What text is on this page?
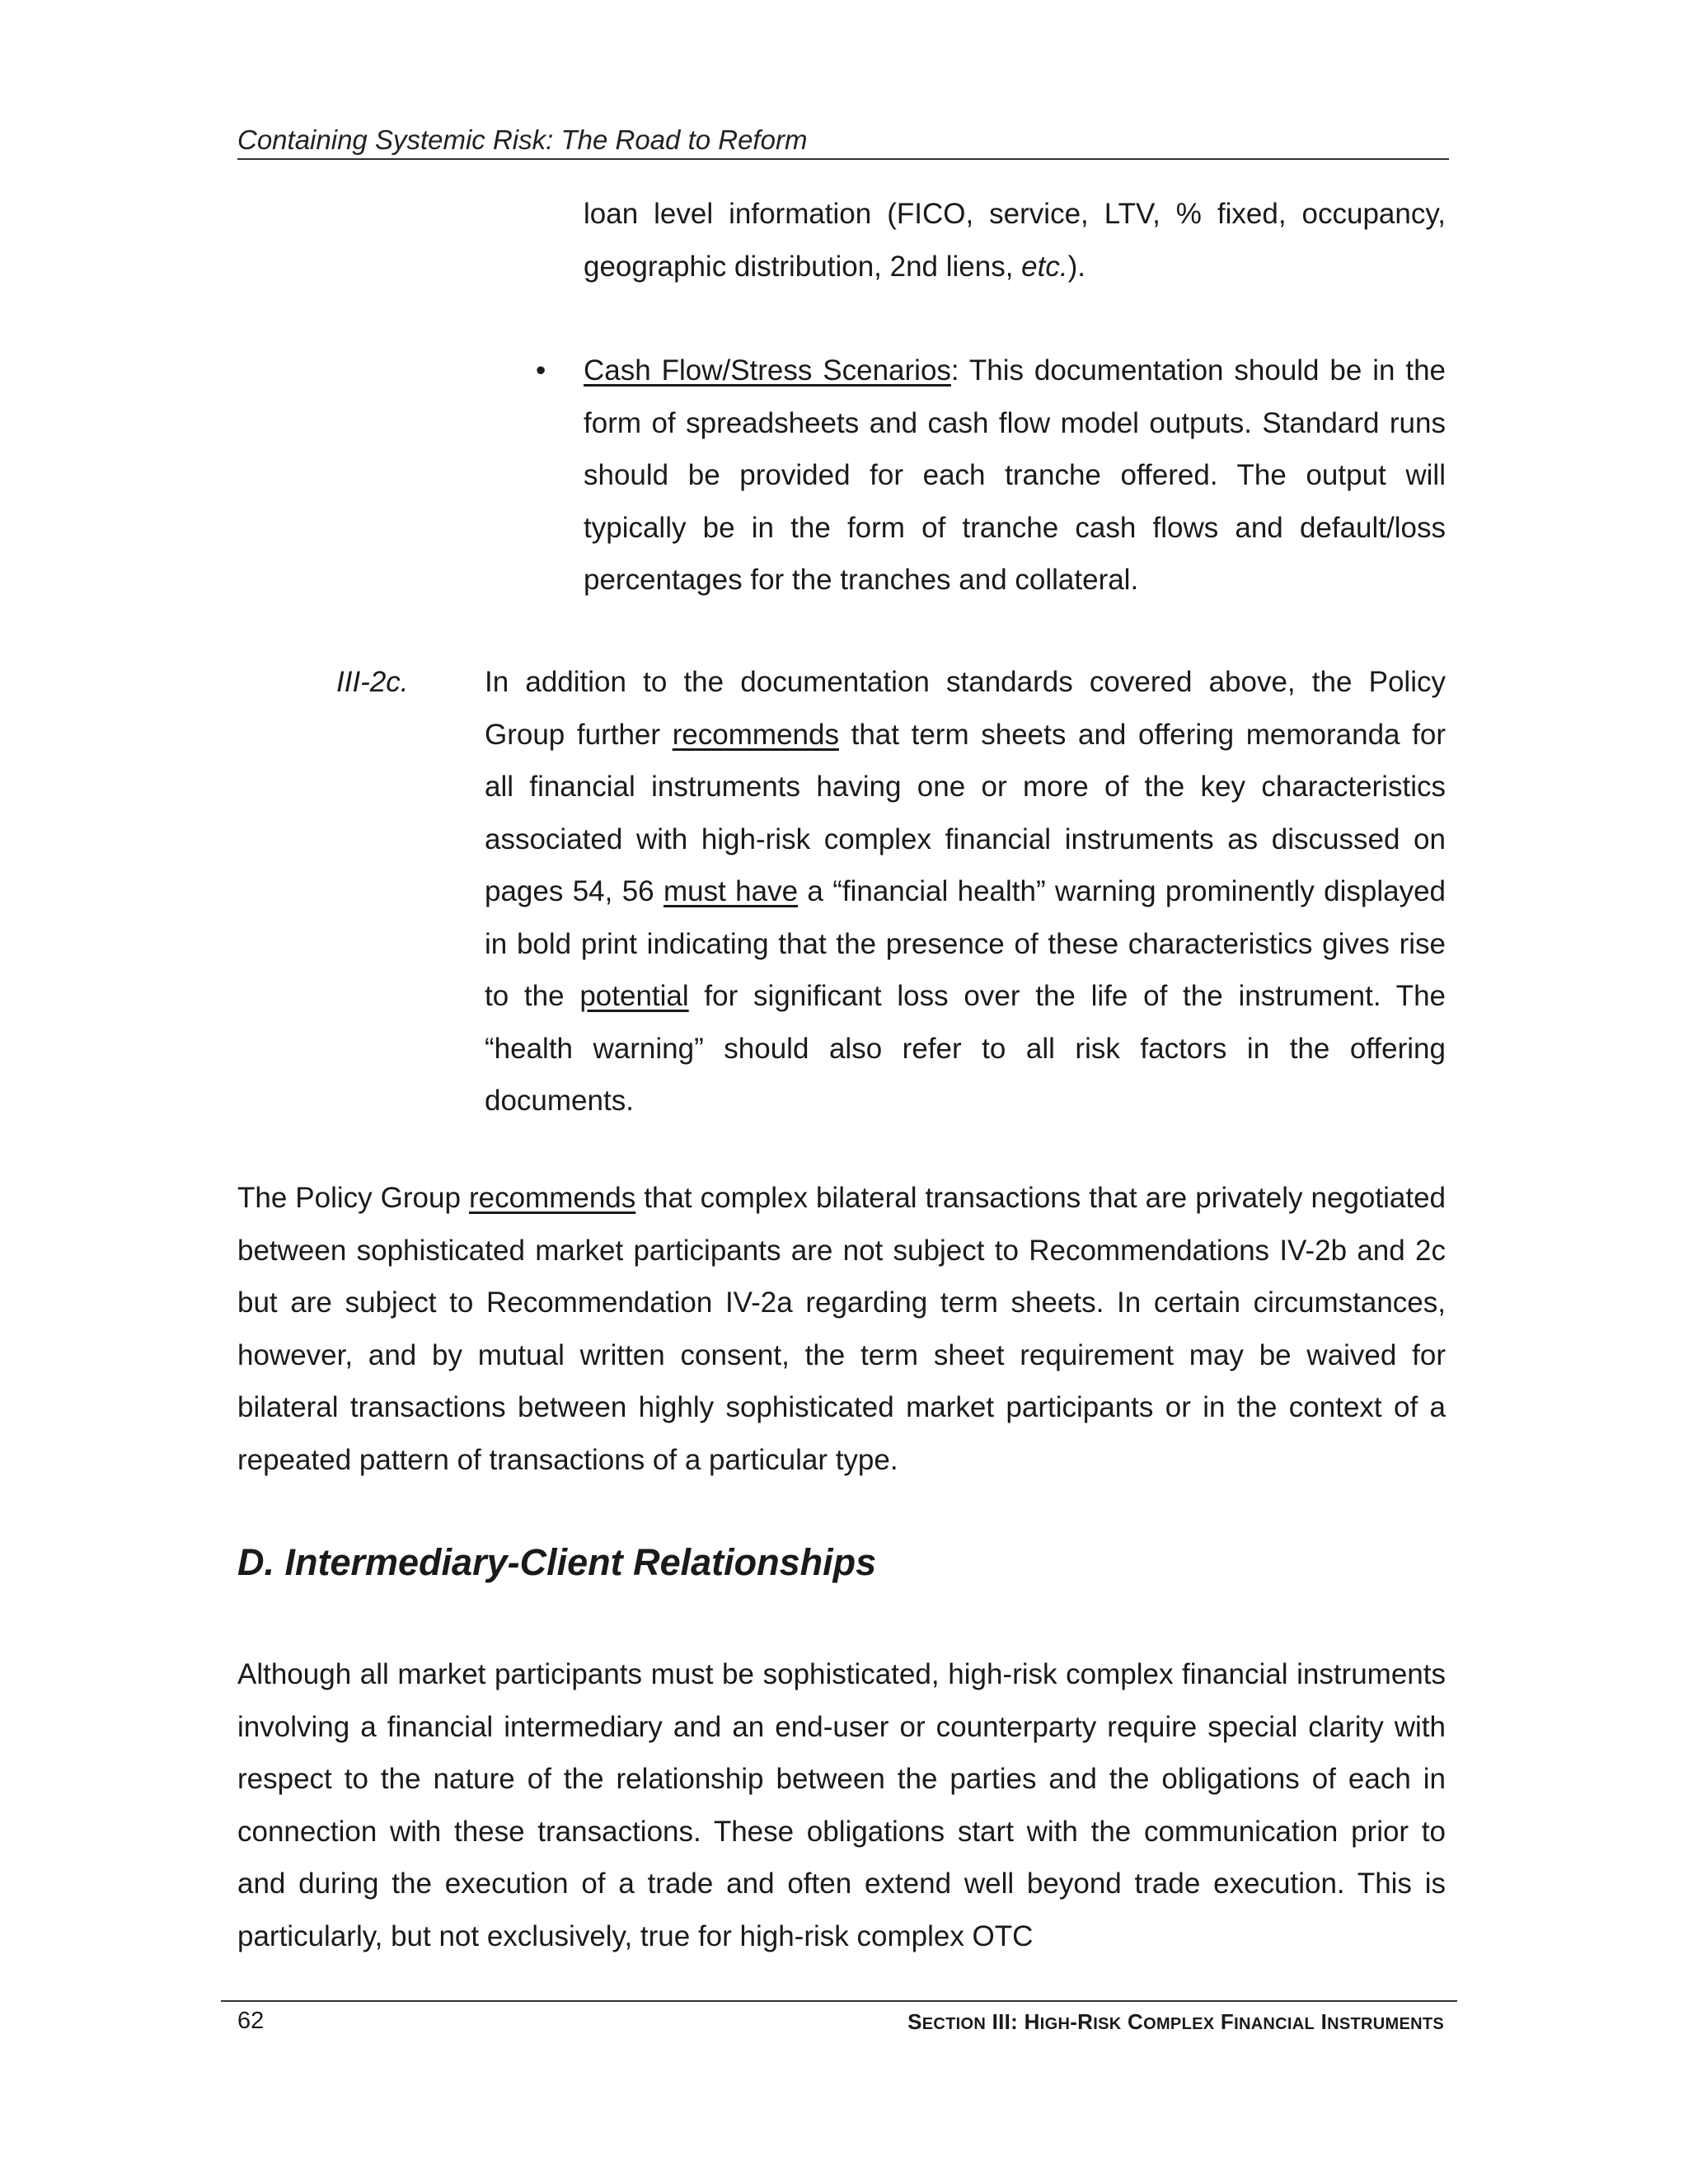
Containing Systemic Risk: The Road to Reform
loan level information (FICO, service, LTV, % fixed, occupancy, geographic distribution, 2nd liens, etc.).
• Cash Flow/Stress Scenarios: This documentation should be in the form of spreadsheets and cash flow model outputs. Standard runs should be provided for each tranche offered. The output will typically be in the form of tranche cash flows and default/loss percentages for the tranches and collateral.
III-2c.	In addition to the documentation standards covered above, the Policy Group further recommends that term sheets and offering memoranda for all financial instruments having one or more of the key characteristics associated with high-risk complex financial instruments as discussed on pages 54, 56 must have a “financial health” warning prominently displayed in bold print indicating that the presence of these characteristics gives rise to the potential for significant loss over the life of the instrument. The “health warning” should also refer to all risk factors in the offering documents.
The Policy Group recommends that complex bilateral transactions that are privately negotiated between sophisticated market participants are not subject to Recommendations IV-2b and 2c but are subject to Recommendation IV-2a regarding term sheets. In certain circumstances, however, and by mutual written consent, the term sheet requirement may be waived for bilateral transactions between highly sophisticated market participants or in the context of a repeated pattern of transactions of a particular type.
D. Intermediary-Client Relationships
Although all market participants must be sophisticated, high-risk complex financial instruments involving a financial intermediary and an end-user or counterparty require special clarity with respect to the nature of the relationship between the parties and the obligations of each in connection with these transactions. These obligations start with the communication prior to and during the execution of a trade and often extend well beyond trade execution. This is particularly, but not exclusively, true for high-risk complex OTC
62	SECTION III: HIGH-RISK COMPLEX FINANCIAL INSTRUMENTS
